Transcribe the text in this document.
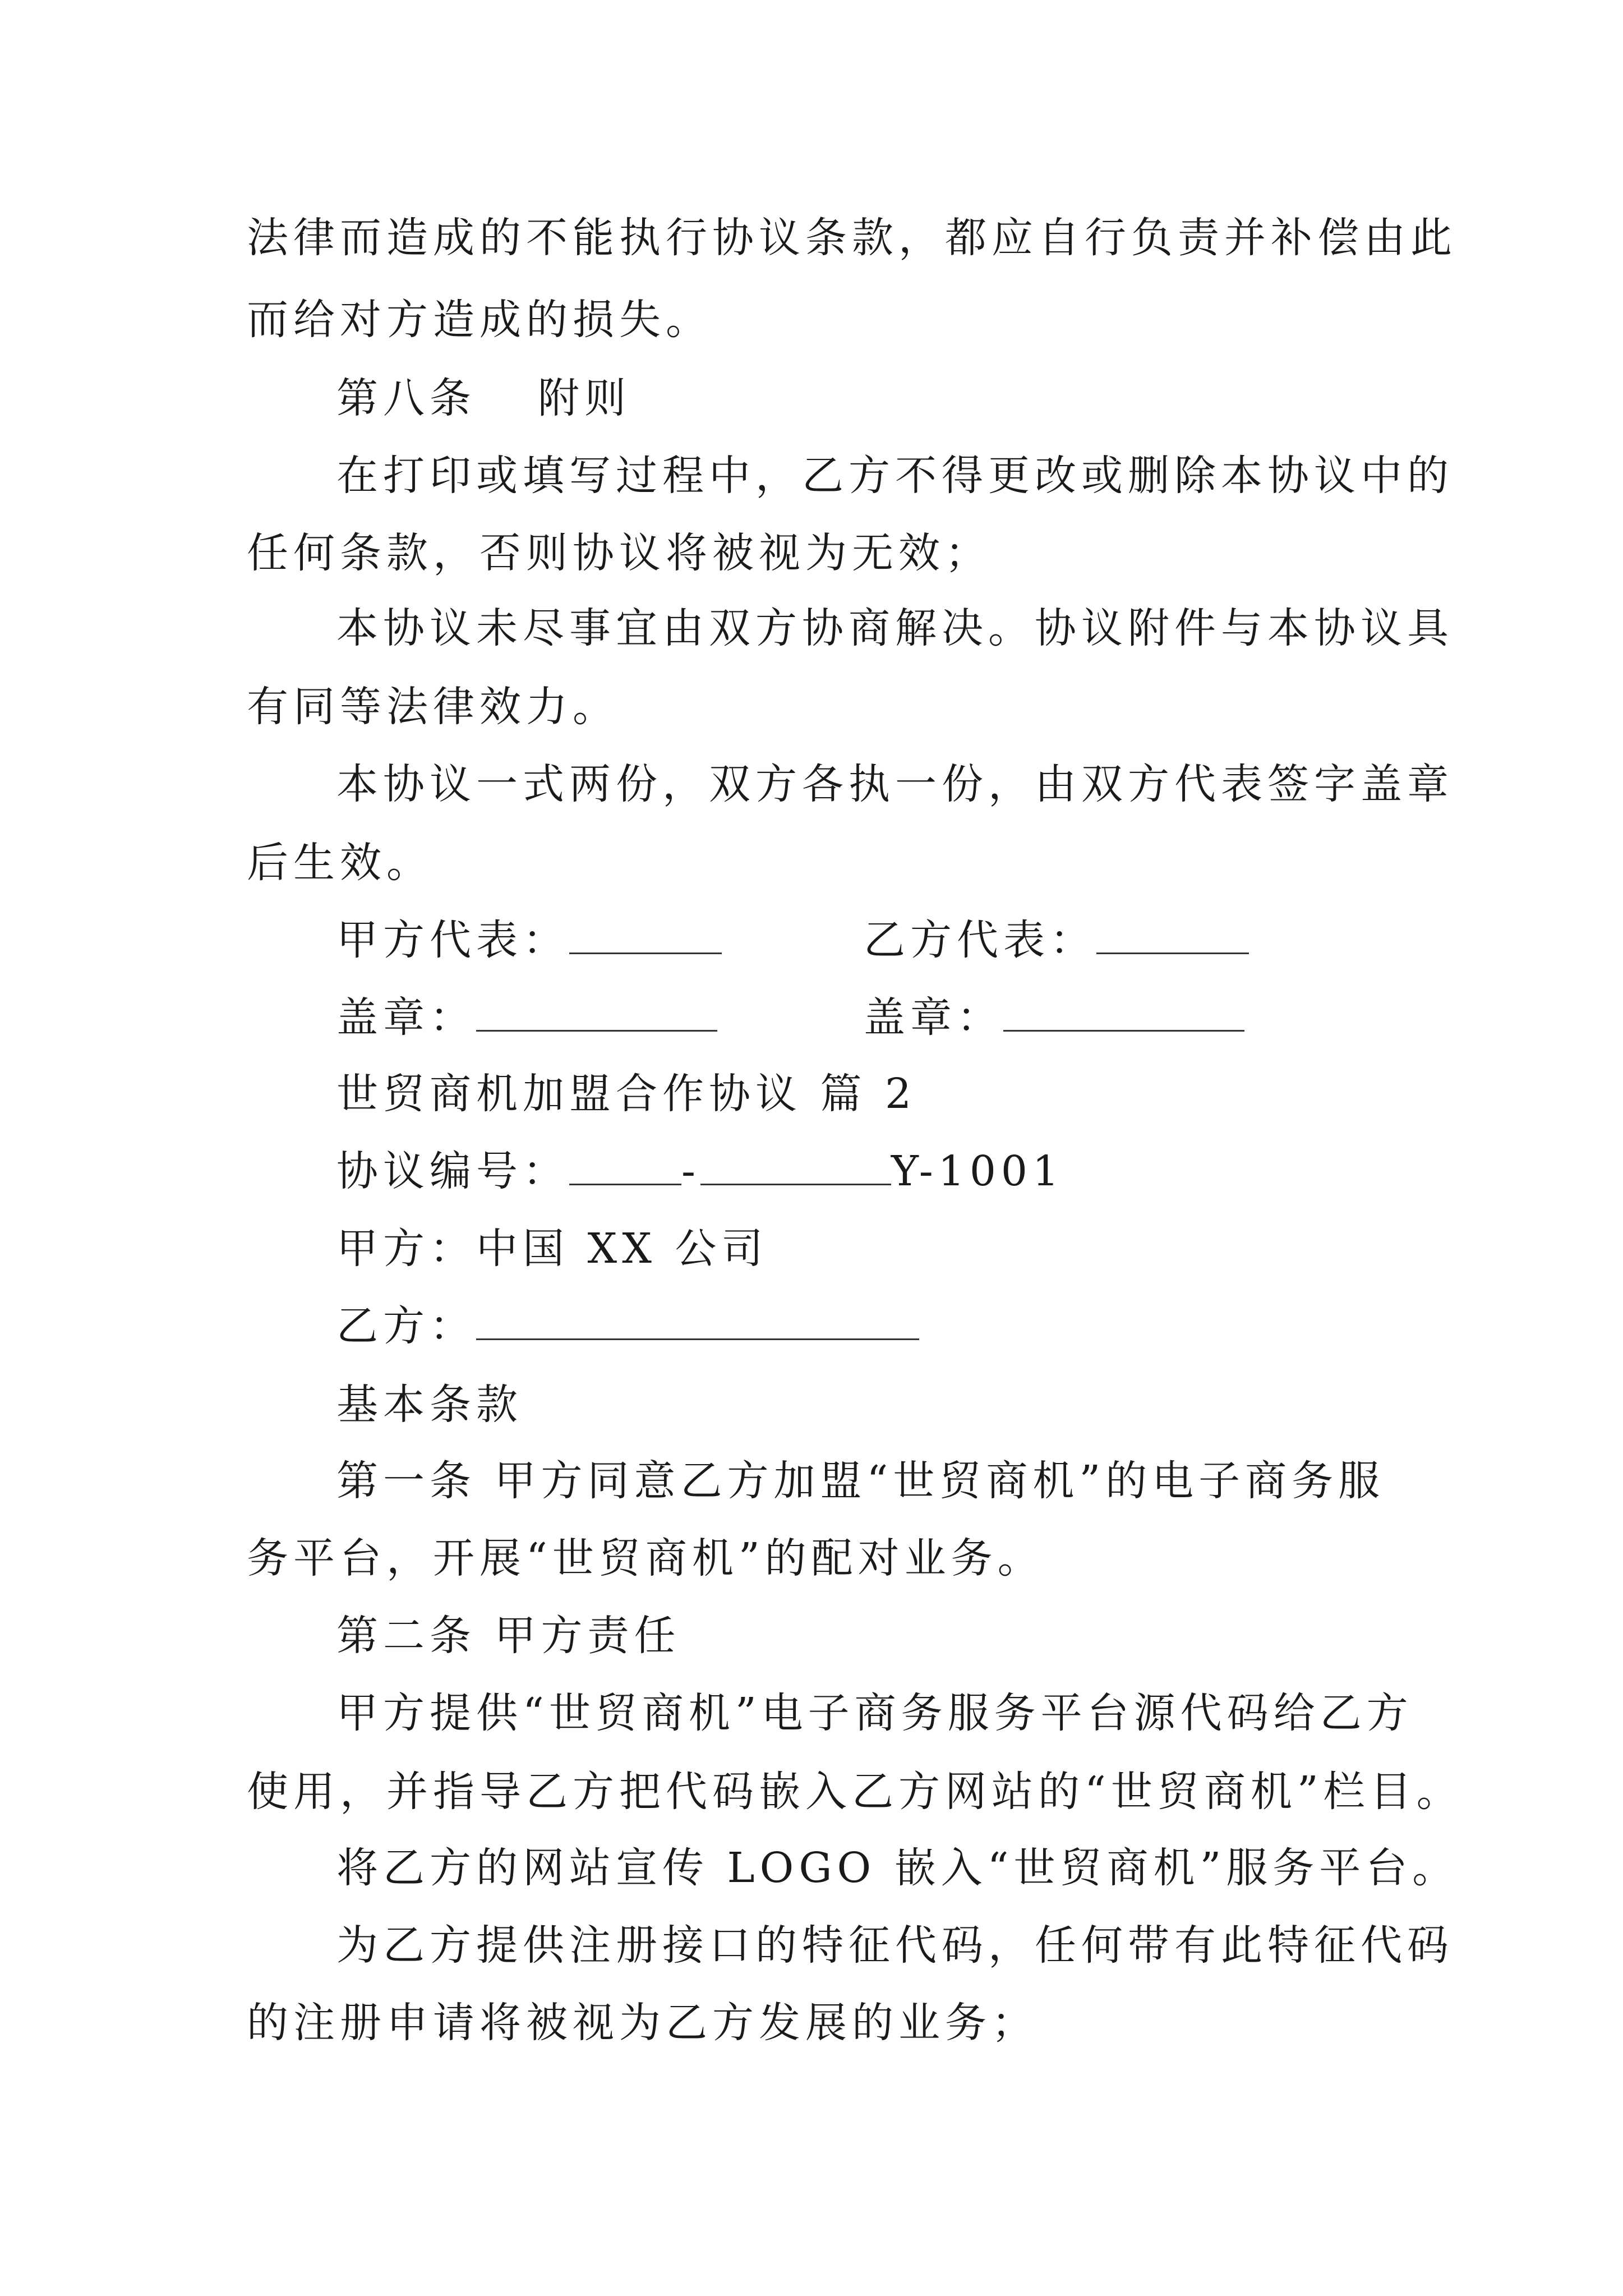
法律而造成的不能执行协议条款，都应自行负责并补偿由此
而给对方造成的损失。
第八条 附则
在打印或填写过程中，乙方不得更改或删除本协议中的
任何条款，否则协议将被视为无效；
本协议未尽事宜由双方协商解决。协议附件与本协议具
有同等法律效力。
本协议一式两份，双方各执一份，由双方代表签字盖章
后生效。
甲方代表：	乙方代表：
盖章：	盖章：
世贸商机加盟合作协议 篇 2
协议编号：	-	Y-1001
甲方：中国 XX 公司
乙方：
基本条款
第一条 甲方同意乙方加盟“世贸商机”的电子商务服
务平台，开展“世贸商机”的配对业务。
第二条 甲方责任
甲方提供“世贸商机”电子商务服务平台源代码给乙方
使用，并指导乙方把代码嵌入乙方网站的“世贸商机”栏目。
将乙方的网站宣传 LOGO 嵌入“世贸商机”服务平台。
为乙方提供注册接口的特征代码，任何带有此特征代码
的注册申请将被视为乙方发展的业务；
